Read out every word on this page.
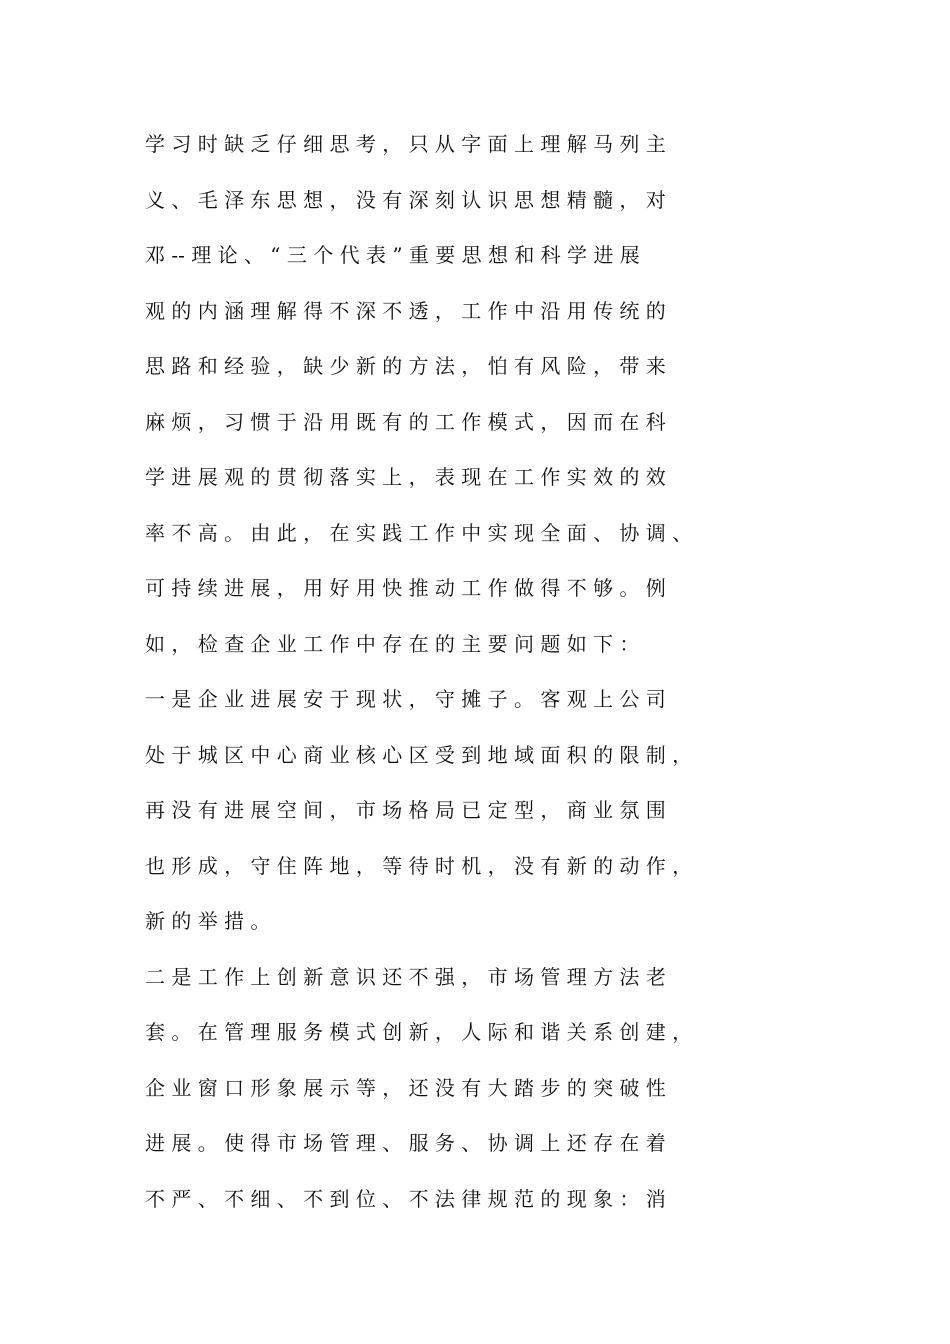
学 习 时 缺 乏 仔 细 思 考 ， 只 从 字 面 上 理 解 马 列 主
义 、 毛 泽 东 思 想 ， 没 有 深 刻 认 识 思 想 精 髓 ， 对
邓 -- 理 论 、 “ 三 个 代 表 ” 重 要 思 想 和 科 学 进 展
观 的 内 涵 理 解 得 不 深 不 透 ， 工 作 中 沿 用 传 统 的
思 路 和 经 验 ， 缺 少 新 的 方 法 ， 怕 有 风 险 ， 带 来
麻 烦 ， 习 惯 于 沿 用 既 有 的 工 作 模 式 ， 因 而 在 科
学 进 展 观 的 贯 彻 落 实 上 ， 表 现 在 工 作 实 效 的 效
率 不 高 。 由 此 ， 在 实 践 工 作 中 实 现 全 面 、 协 调 、
可 持 续 进 展 ， 用 好 用 快 推 动 工 作 做 得 不 够 。 例
如 ， 检 查 企 业 工 作 中 存 在 的 主 要 问 题 如 下 ：
一 是 企 业 进 展 安 于 现 状 ， 守 摊 子 。 客 观 上 公 司
处 于 城 区 中 心 商 业 核 心 区 受 到 地 域 面 积 的 限 制 ，
再 没 有 进 展 空 间 ， 市 场 格 局 已 定 型 ， 商 业 氛 围
也 形 成 ， 守 住 阵 地 ， 等 待 时 机 ， 没 有 新 的 动 作 ，
新 的 举 措 。
二 是 工 作 上 创 新 意 识 还 不 强 ， 市 场 管 理 方 法 老
套 。 在 管 理 服 务 模 式 创 新 ， 人 际 和 谐 关 系 创 建 ，
企 业 窗 口 形 象 展 示 等 ， 还 没 有 大 踏 步 的 突 破 性
进 展 。 使 得 市 场 管 理 、 服 务 、 协 调 上 还 存 在 着
不 严 、 不 细 、 不 到 位 、 不 法 律 规 范 的 现 象 ： 消
